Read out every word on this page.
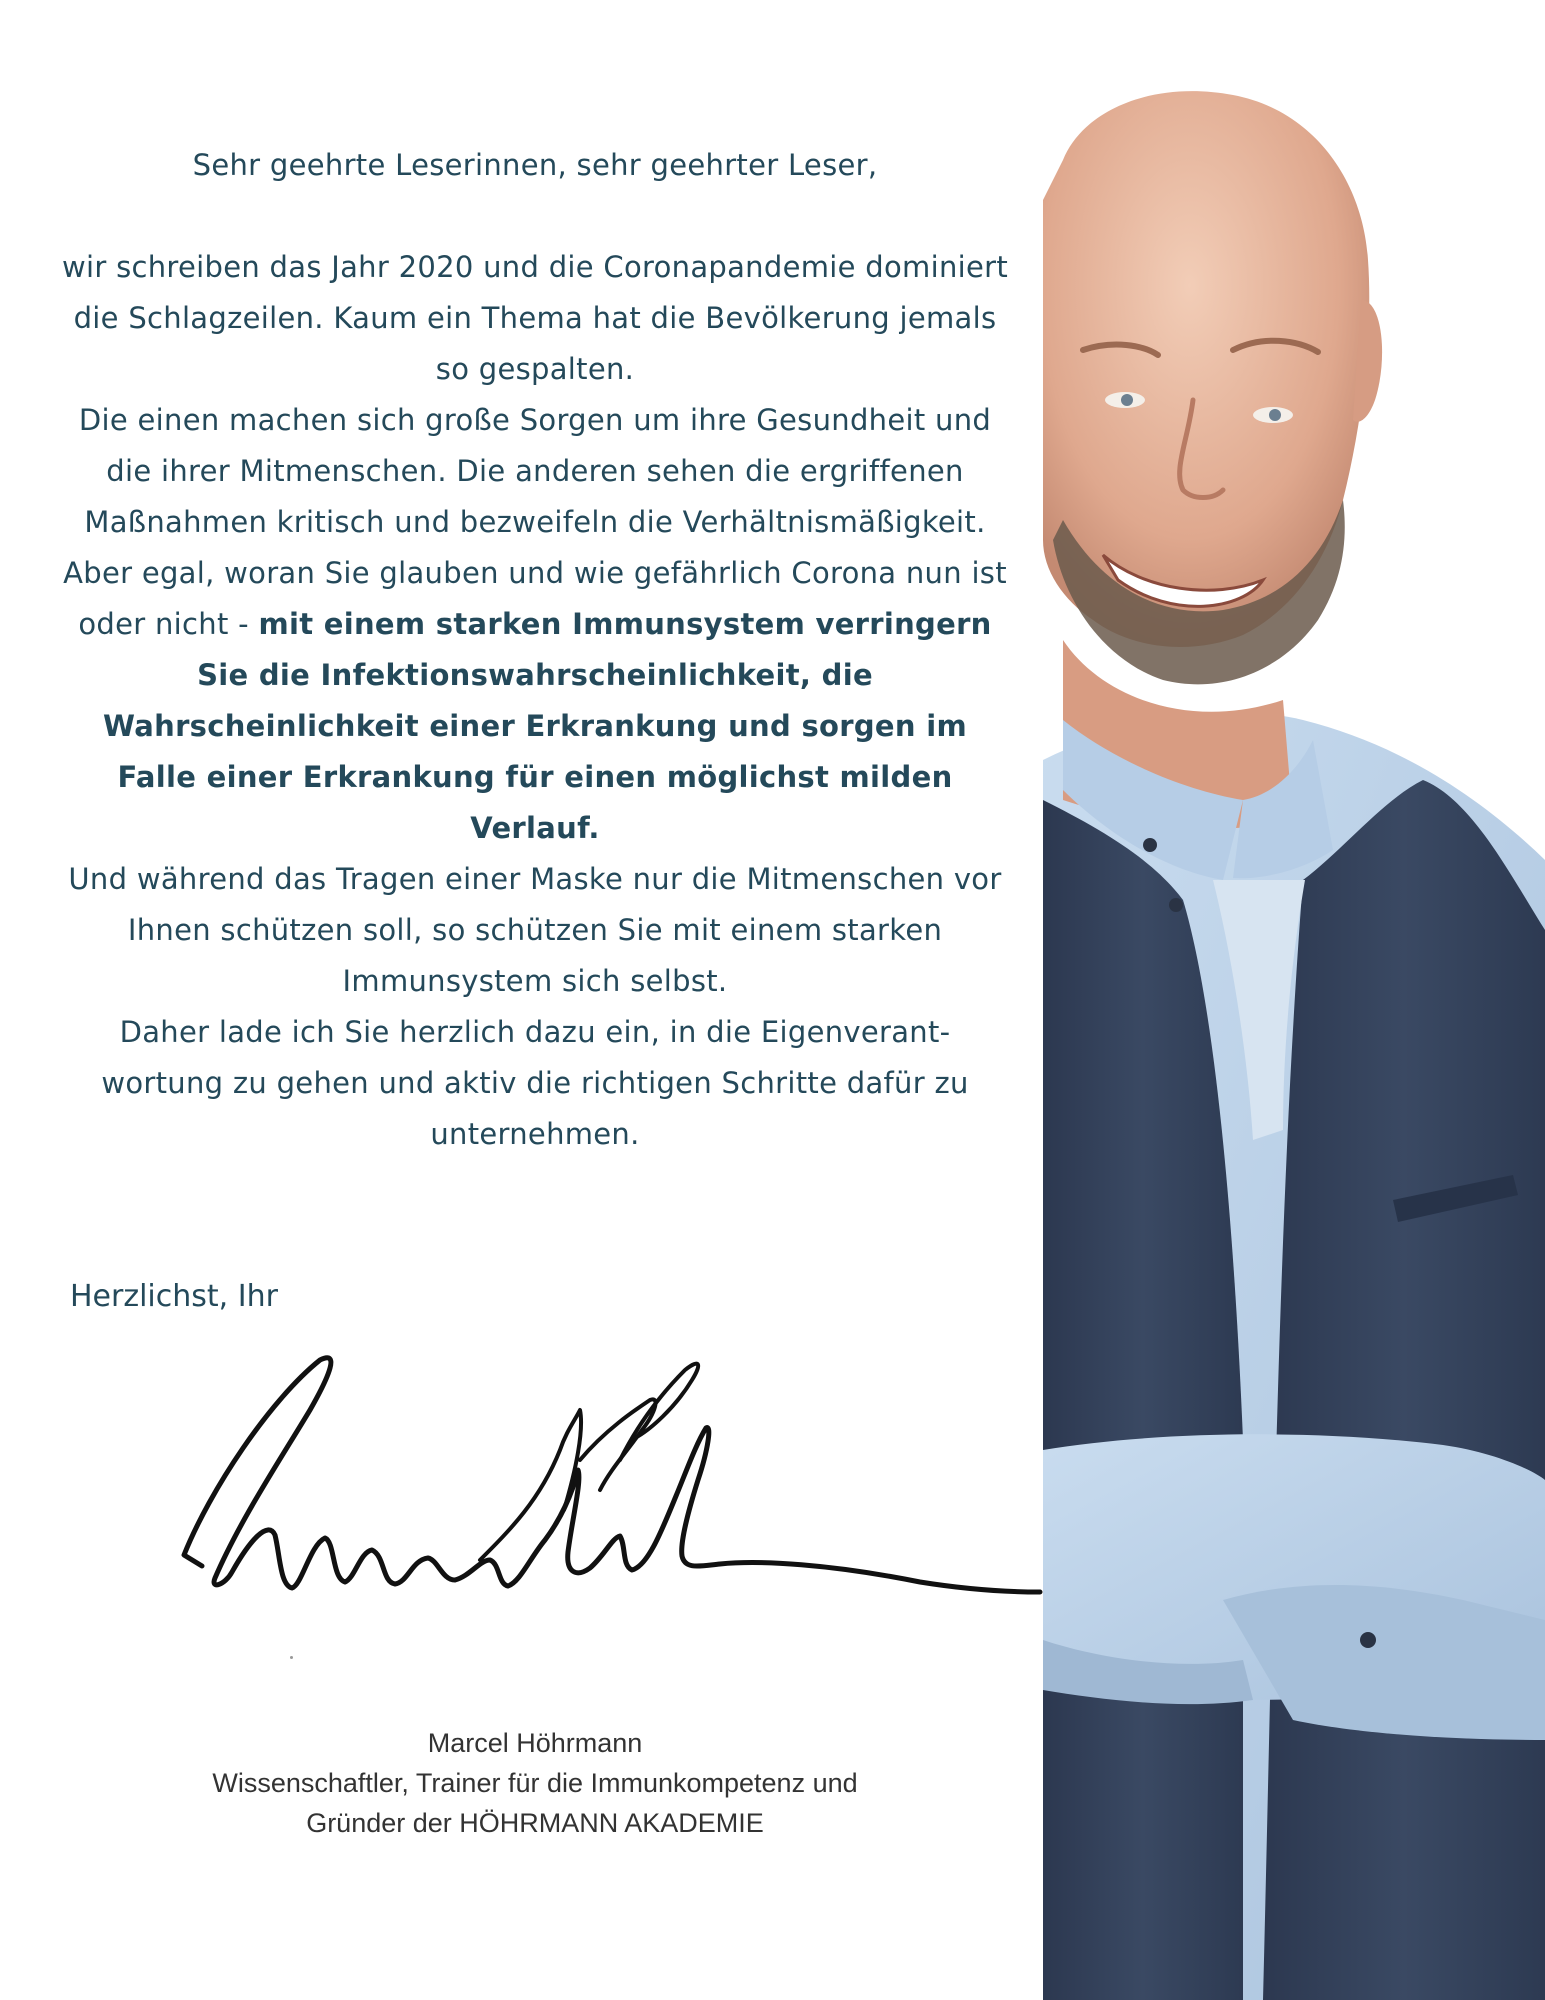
Sehr geehrte Leserinnen, sehr geehrter Leser,

wir schreiben das Jahr 2020 und die Coronapandemie dominiert die Schlagzeilen. Kaum ein Thema hat die Bevölkerung jemals so gespalten.

Die einen machen sich große Sorgen um ihre Gesundheit und die ihrer Mitmenschen. Die anderen sehen die ergriffenen Maßnahmen kritisch und bezweifeln die Verhältnismäßigkeit.

Aber egal, woran Sie glauben und wie gefährlich Corona nun ist oder nicht - mit einem starken Immunsystem verringern Sie die Infektionswahrscheinlichkeit, die Wahrscheinlichkeit einer Erkrankung und sorgen im Falle einer Erkrankung für einen möglichst milden Verlauf.

Und während das Tragen einer Maske nur die Mitmenschen vor Ihnen schützen soll, so schützen Sie mit einem starken Immunsystem sich selbst.

Daher lade ich Sie herzlich dazu ein, in die Eigenverant-wortung zu gehen und aktiv die richtigen Schritte dafür zu unternehmen.

Herzlichst, Ihr
Marcel Höhrmann
Wissenschaftler, Trainer für die Immunkompetenz und
Gründer der HÖHRMANN AKADEMIE
